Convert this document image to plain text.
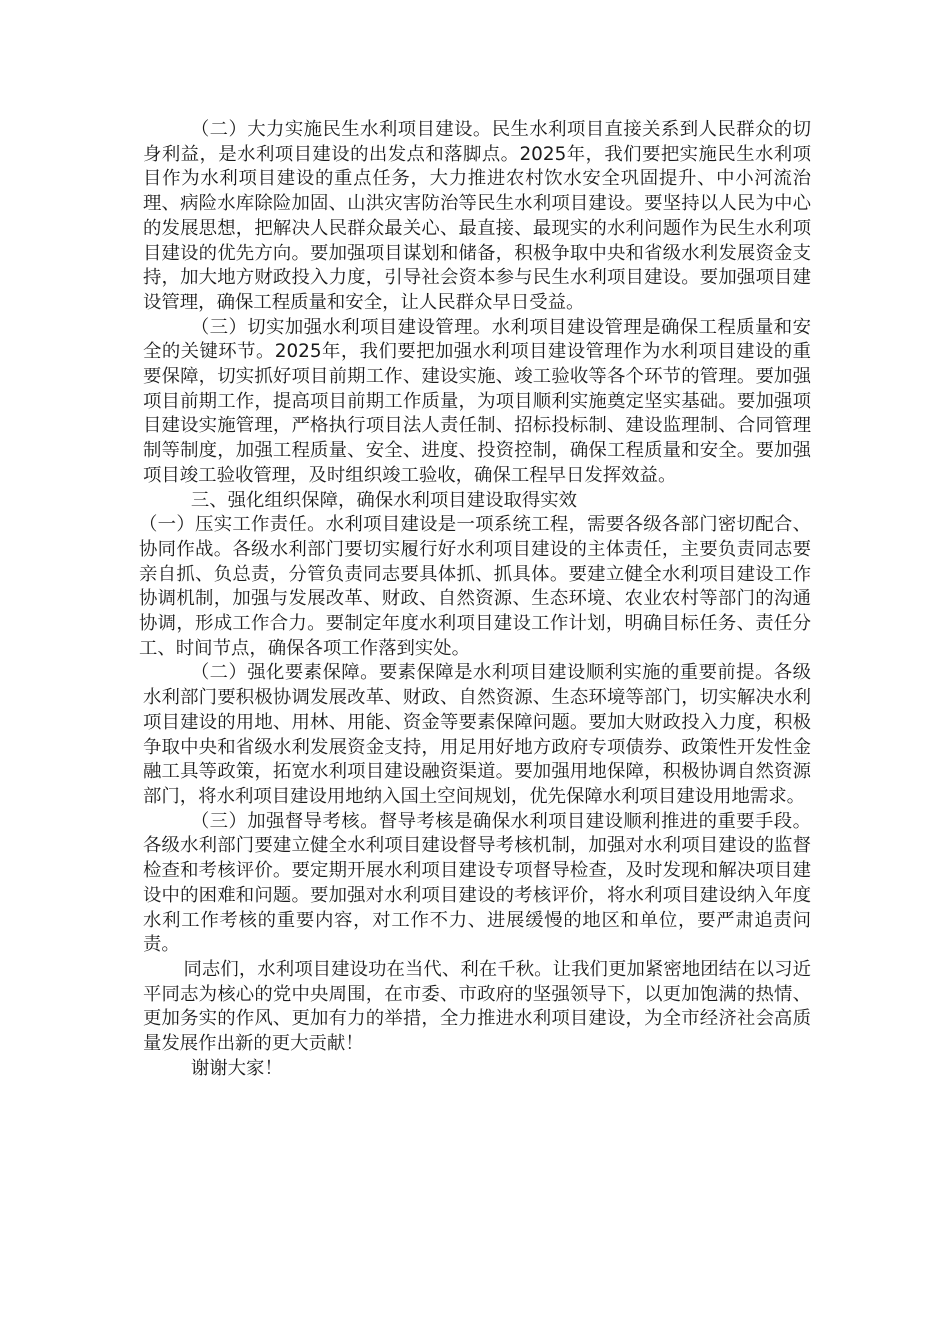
（二）大力实施民生水利项目建设。民生水利项目直接关系到人民群众的切身利益，是水利项目建设的出发点和落脚点。2025年，我们要把实施民生水利项目作为水利项目建设的重点任务，大力推进农村饮水安全巩固提升、中小河流治理、病险水库除险加固、山洪灾害防治等民生水利项目建设。要坚持以人民为中心的发展思想，把解决人民群众最关心、最直接、最现实的水利问题作为民生水利项目建设的优先方向。要加强项目谋划和储备，积极争取中央和省级水利发展资金支持，加大地方财政投入力度，引导社会资本参与民生水利项目建设。要加强项目建设管理，确保工程质量和安全，让人民群众早日受益。

（三）切实加强水利项目建设管理。水利项目建设管理是确保工程质量和安全的关键环节。2025年，我们要把加强水利项目建设管理作为水利项目建设的重要保障，切实抓好项目前期工作、建设实施、竣工验收等各个环节的管理。要加强项目前期工作，提高项目前期工作质量，为项目顺利实施奠定坚实基础。要加强项目建设实施管理，严格执行项目法人责任制、招标投标制、建设监理制、合同管理制等制度，加强工程质量、安全、进度、投资控制，确保工程质量和安全。要加强项目竣工验收管理，及时组织竣工验收，确保工程早日发挥效益。

三、强化组织保障，确保水利项目建设取得实效

（一）压实工作责任。水利项目建设是一项系统工程，需要各级各部门密切配合、协同作战。各级水利部门要切实履行好水利项目建设的主体责任，主要负责同志要亲自抓、负总责，分管负责同志要具体抓、抓具体。要建立健全水利项目建设工作协调机制，加强与发展改革、财政、自然资源、生态环境、农业农村等部门的沟通协调，形成工作合力。要制定年度水利项目建设工作计划，明确目标任务、责任分工、时间节点，确保各项工作落到实处。

（二）强化要素保障。要素保障是水利项目建设顺利实施的重要前提。各级水利部门要积极协调发展改革、财政、自然资源、生态环境等部门，切实解决水利项目建设的用地、用林、用能、资金等要素保障问题。要加大财政投入力度，积极争取中央和省级水利发展资金支持，用足用好地方政府专项债券、政策性开发性金融工具等政策，拓宽水利项目建设融资渠道。要加强用地保障，积极协调自然资源部门，将水利项目建设用地纳入国土空间规划，优先保障水利项目建设用地需求。

（三）加强督导考核。督导考核是确保水利项目建设顺利推进的重要手段。各级水利部门要建立健全水利项目建设督导考核机制，加强对水利项目建设的监督检查和考核评价。要定期开展水利项目建设专项督导检查，及时发现和解决项目建设中的困难和问题。要加强对水利项目建设的考核评价，将水利项目建设纳入年度水利工作考核的重要内容，对工作不力、进展缓慢的地区和单位，要严肃追责问责。

同志们，水利项目建设功在当代、利在千秋。让我们更加紧密地团结在以习近平同志为核心的党中央周围，在市委、市政府的坚强领导下，以更加饱满的热情、更加务实的作风、更加有力的举措，全力推进水利项目建设，为全市经济社会高质量发展作出新的更大贡献！

谢谢大家！
